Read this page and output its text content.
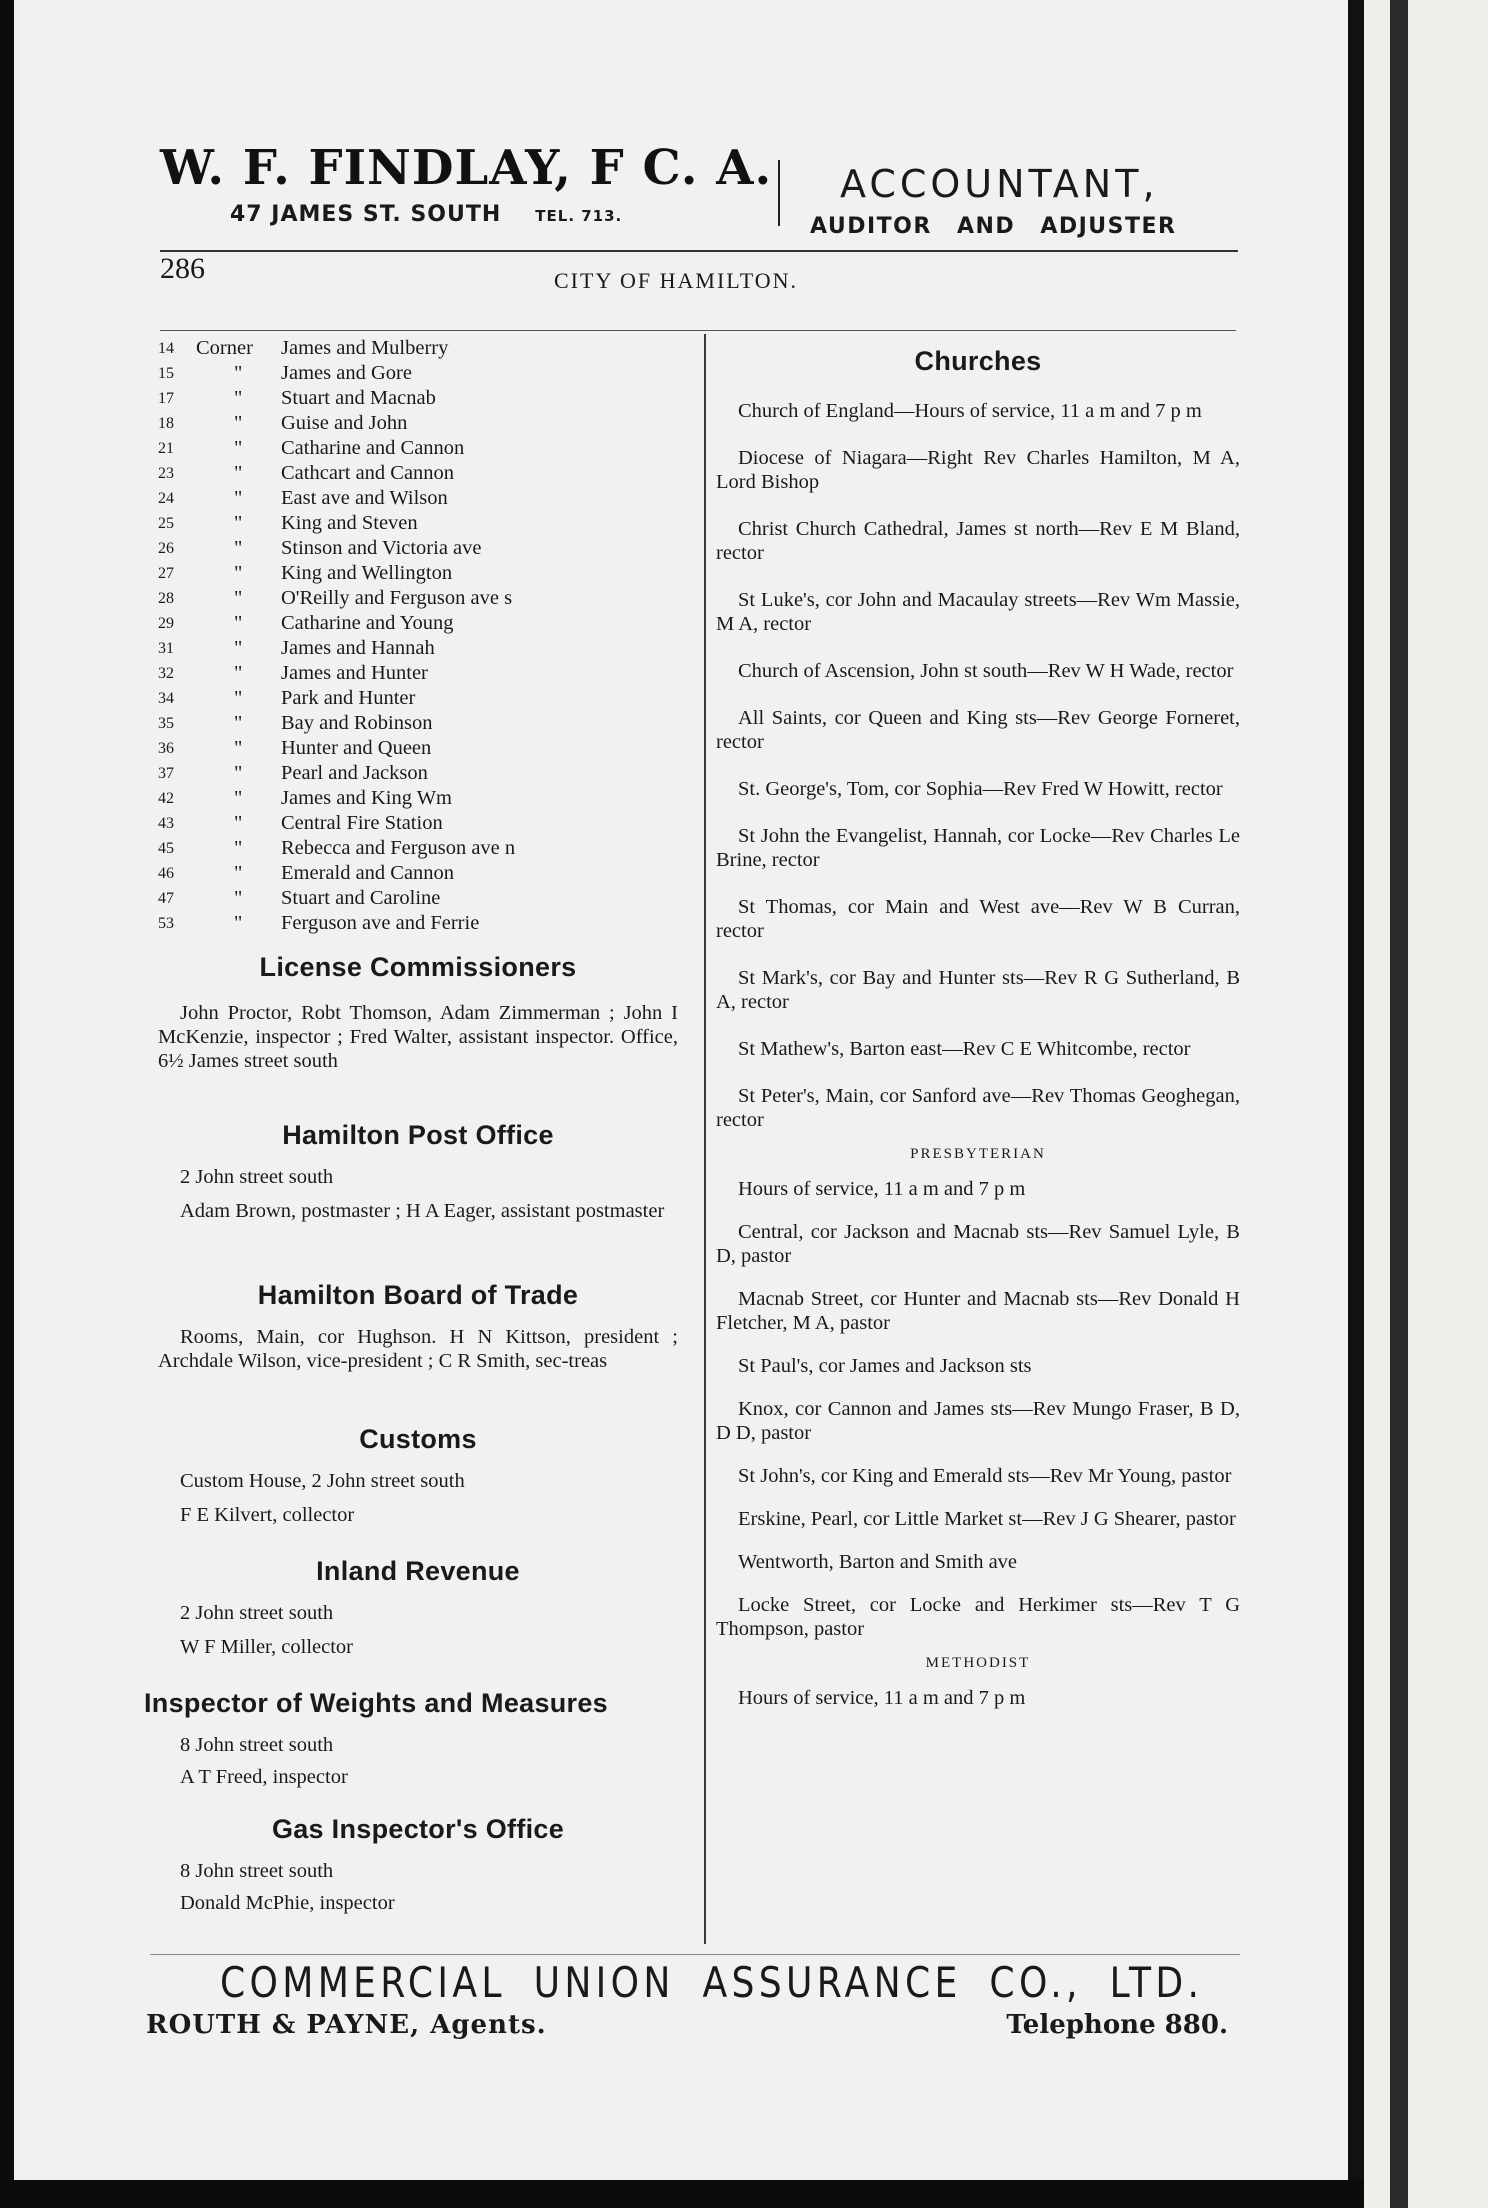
W. F. FINDLAY, F C. A.
47 JAMES ST. SOUTH TEL. 713.
ACCOUNTANT,
AUDITOR AND ADJUSTER
286	CITY OF HAMILTON.
14	Corner James and Mulberry
15	" James and Gore
17	" Stuart and Macnab
18	" Guise and John
21	" Catharine and Cannon
23	" Cathcart and Cannon
24	" East ave and Wilson
25	" King and Steven
26	" Stinson and Victoria ave
27	" King and Wellington
28	" O'Reilly and Ferguson ave s
29	" Catharine and Young
31	" James and Hannah
32	" James and Hunter
34	" Park and Hunter
35	" Bay and Robinson
36	" Hunter and Queen
37	" Pearl and Jackson
42	" James and King Wm
43	" Central Fire Station
45	" Rebecca and Ferguson ave n
46	" Emerald and Cannon
47	" Stuart and Caroline
53	" Ferguson ave and Ferrie
License Commissioners

John Proctor, Robt Thomson, Adam Zimmerman ; John I McKenzie, inspector ; Fred Walter, assistant inspector. Office, 6½ James street south

Hamilton Post Office

2 John street south

Adam Brown, postmaster ; H A Eager, assistant postmaster

Hamilton Board of Trade

Rooms, Main, cor Hughson. H N Kittson, president ; Archdale Wilson, vice-president ; C R Smith, sec-treas

Customs

Custom House, 2 John street south

F E Kilvert, collector

Inland Revenue

2 John street south

W F Miller, collector

Inspector of Weights and Measures

8 John street south

A T Freed, inspector

Gas Inspector's Office

8 John street south

Donald McPhie, inspector

Churches

Church of England—Hours of service, 11 a m and 7 p m

Diocese of Niagara—Right Rev Charles Hamilton, M A, Lord Bishop

Christ Church Cathedral, James st north—Rev E M Bland, rector

St Luke's, cor John and Macaulay streets—Rev Wm Massie, M A, rector

Church of Ascension, John st south—Rev W H Wade, rector

All Saints, cor Queen and King sts—Rev George Forneret, rector

St. George's, Tom, cor Sophia—Rev Fred W Howitt, rector

St John the Evangelist, Hannah, cor Locke—Rev Charles Le Brine, rector

St Thomas, cor Main and West ave—Rev W B Curran, rector

St Mark's, cor Bay and Hunter sts—Rev R G Sutherland, B A, rector

St Mathew's, Barton east—Rev C E Whitcombe, rector

St Peter's, Main, cor Sanford ave—Rev Thomas Geoghegan, rector

PRESBYTERIAN

Hours of service, 11 a m and 7 p m

Central, cor Jackson and Macnab sts—Rev Samuel Lyle, B D, pastor

Macnab Street, cor Hunter and Macnab sts—Rev Donald H Fletcher, M A, pastor

St Paul's, cor James and Jackson sts

Knox, cor Cannon and James sts—Rev Mungo Fraser, B D, D D, pastor

St John's, cor King and Emerald sts—Rev Mr Young, pastor

Erskine, Pearl, cor Little Market st—Rev J G Shearer, pastor

Wentworth, Barton and Smith ave

Locke Street, cor Locke and Herkimer sts—Rev T G Thompson, pastor

METHODIST

Hours of service, 11 a m and 7 p m

COMMERCIAL UNION ASSURANCE CO., LTD.
ROUTH & PAYNE, Agents.	Telephone 880.
